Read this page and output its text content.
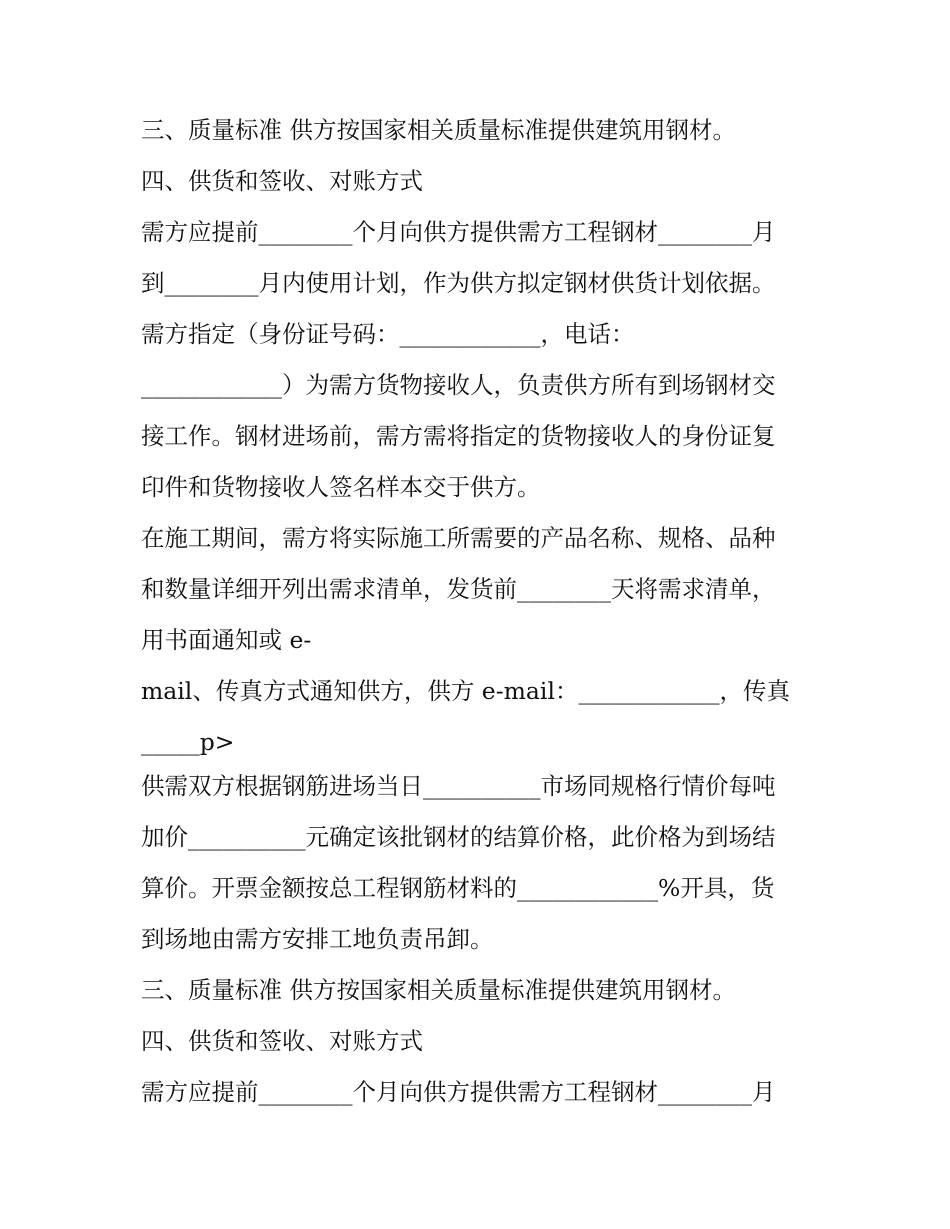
三、质量标准 供方按国家相关质量标准提供建筑用钢材。
四、供货和签收、对账方式
需方应提前________个月向供方提供需方工程钢材________月
到________月内使用计划，作为供方拟定钢材供货计划依据。
需方指定（身份证号码：____________，电话：
____________）为需方货物接收人，负责供方所有到场钢材交
接工作。钢材进场前，需方需将指定的货物接收人的身份证复
印件和货物接收人签名样本交于供方。
在施工期间，需方将实际施工所需要的产品名称、规格、品种
和数量详细开列出需求清单，发货前________天将需求清单，
用书面通知或 e-
mail、传真方式通知供方，供方 e-mail：____________，传真
_____p>
供需双方根据钢筋进场当日__________市场同规格行情价每吨
加价__________元确定该批钢材的结算价格，此价格为到场结
算价。开票金额按总工程钢筋材料的____________%开具，货
到场地由需方安排工地负责吊卸。
三、质量标准 供方按国家相关质量标准提供建筑用钢材。
四、供货和签收、对账方式
需方应提前________个月向供方提供需方工程钢材________月
